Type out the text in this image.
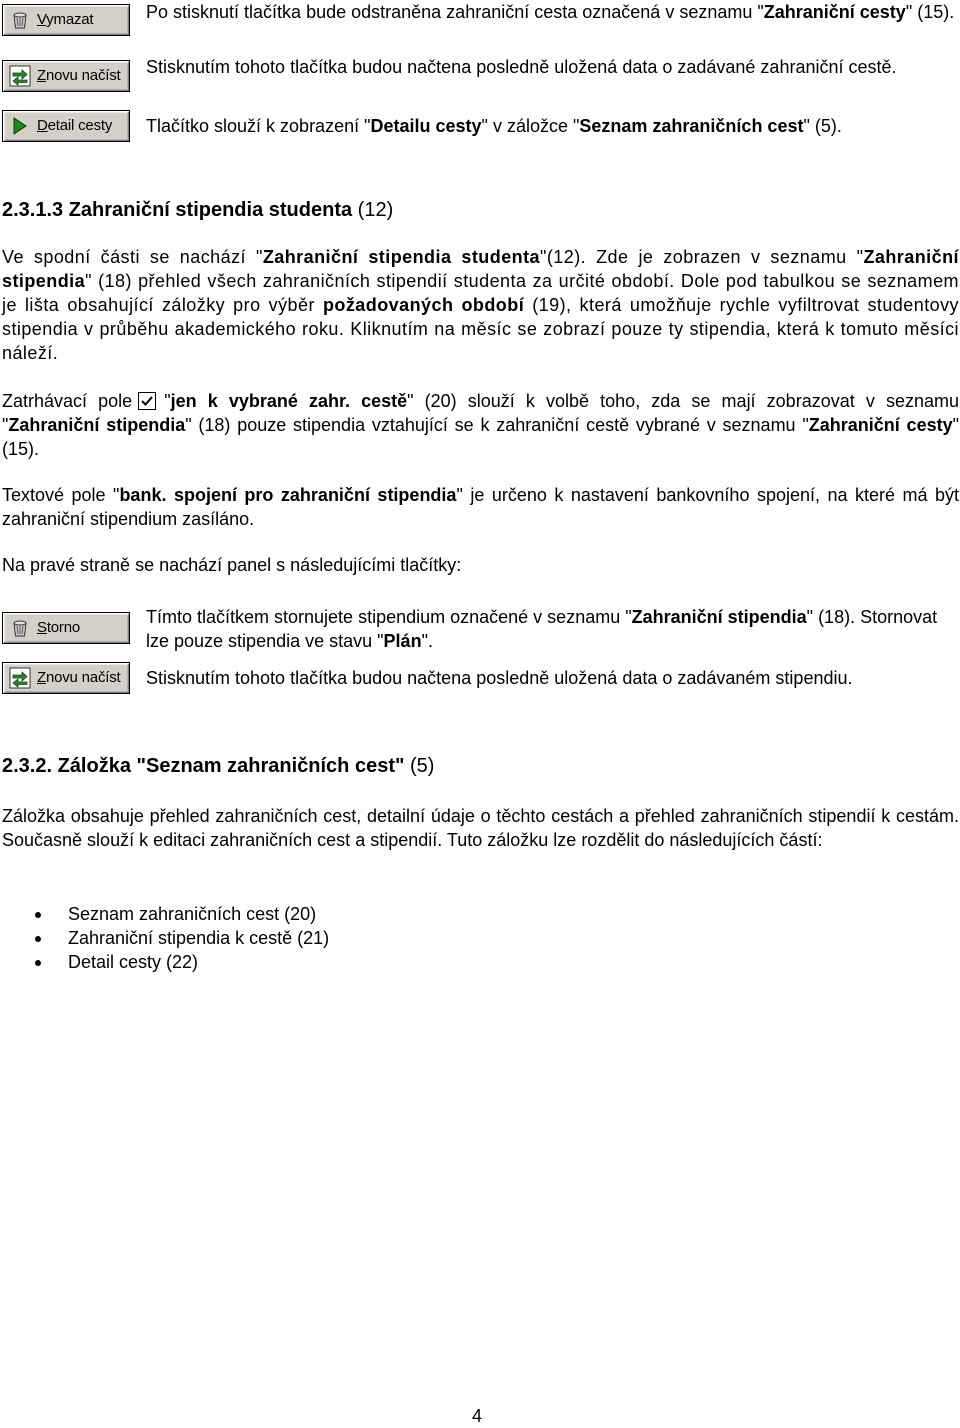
Vymazat	Po stisknutí tlačítka bude odstraněna zahraniční cesta označená v seznamu "Zahraniční cesty" (15).
Znovu načíst Stisknutím tohoto tlačítka budou načtena posledně uložená data o zadávané zahraniční cestě.
Detail cesty Tlačítko slouží k zobrazení "Detailu cesty" v záložce "Seznam zahraničních cest" (5).
2.3.1.3 Zahraniční stipendia studenta (12)
Ve spodní části se nachází "Zahraniční stipendia studenta"(12). Zde je zobrazen v seznamu "Zahraniční stipendia" (18) přehled všech zahraničních stipendií studenta za určité období. Dole pod tabulkou se seznamem je lišta obsahující záložky pro výběr požadovaných období (19), která umožňuje rychle vyfiltrovat studentovy stipendia v průběhu akademického roku. Kliknutím na měsíc se zobrazí pouze ty stipendia, která k tomuto měsíci náleží.
Zatrhávací pole "jen k vybrané zahr. cestě" (20) slouží k volbě toho, zda se mají zobrazovat v seznamu "Zahraniční stipendia" (18) pouze stipendia vztahující se k zahraniční cestě vybrané v seznamu "Zahraniční cesty" (15).
Textové pole "bank. spojení pro zahraniční stipendia" je určeno k nastavení bankovního spojení, na které má být zahraniční stipendium zasíláno.
Na pravé straně se nachází panel s následujícími tlačítky:
Storno
Tímto tlačítkem stornujete stipendium označené v seznamu "Zahraniční stipendia" (18). Stornovat lze pouze stipendia ve stavu "Plán".
Znovu načíst Stisknutím tohoto tlačítka budou načtena posledně uložená data o zadávaném stipendiu.
2.3.2. Záložka "Seznam zahraničních cest" (5)
Záložka obsahuje přehled zahraničních cest, detailní údaje o těchto cestách a přehled zahraničních stipendií k cestám. Současně slouží k editaci zahraničních cest a stipendií. Tuto záložku lze rozdělit do následujících částí:
Seznam zahraničních cest (20)
Zahraniční stipendia k cestě (21)
Detail cesty (22)
4
